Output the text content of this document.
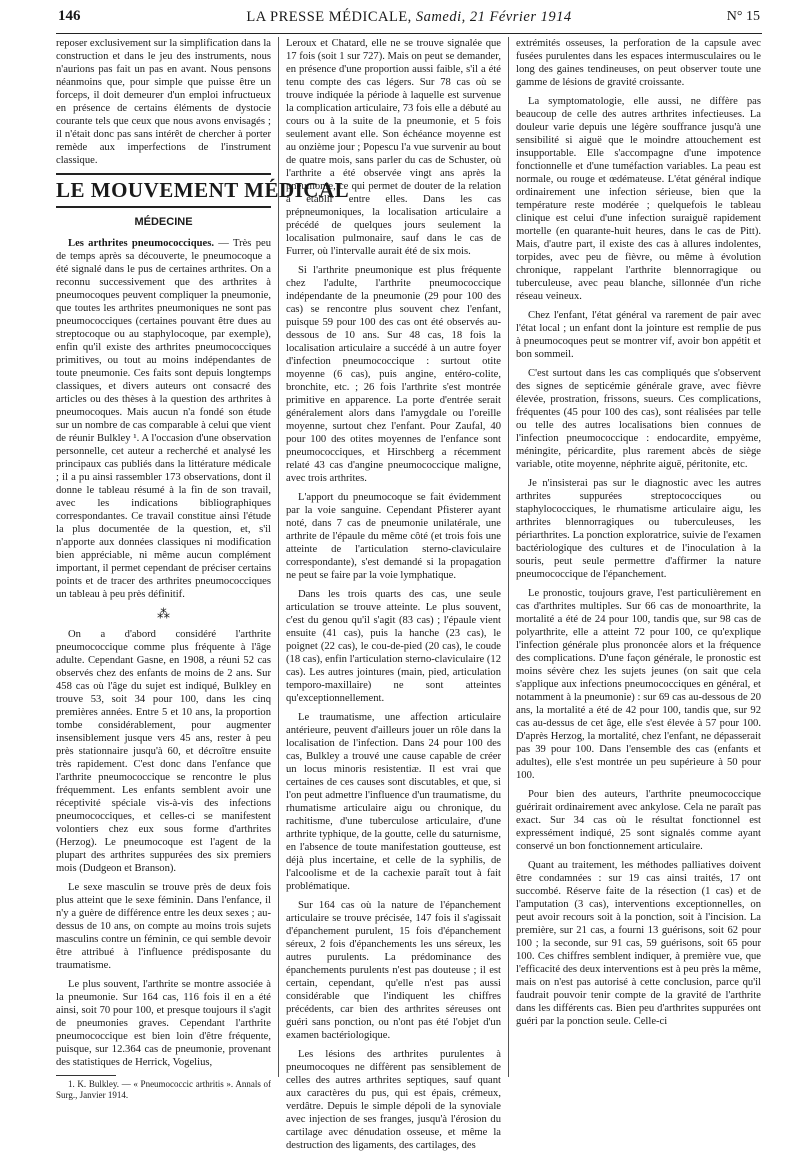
146	LA PRESSE MÉDICALE, Samedi, 21 Février 1914	N° 15

reposer exclusivement sur la simplification dans la construction et dans le jeu des instruments, nous n'aurions pas fait un pas en avant. Nous pensons néanmoins que, pour simple que puisse être un forceps, il doit demeurer d'un emploi infructueux en présence de certains éléments de dystocie courante tels que ceux que nous avons envisagés ; il n'était donc pas sans intérêt de chercher à porter remède aux imperfections de l'instrument classique.

LE MOUVEMENT MÉDICAL
MÉDECINE

Les arthrites pneumococciques. — Très peu de temps après sa découverte, le pneumocoque a été signalé dans le pus de certaines arthrites. On a reconnu successivement que des arthrites à pneumocoques peuvent compliquer la pneumonie, que toutes les arthrites pneumoniques ne sont pas pneumococciques (certaines pouvant être dues au streptocoque ou au staphylocoque, par exemple), enfin qu'il existe des arthrites pneumococciques primitives, ou tout au moins indépendantes de toute pneumonie. Ces faits sont depuis longtemps classiques, et divers auteurs ont consacré des articles ou des thèses à la question des arthrites à pneumocoques. Mais aucun n'a fondé son étude sur un nombre de cas comparable à celui que vient de réunir Bulkley ¹. A l'occasion d'une observation personnelle, cet auteur a recherché et analysé les principaux cas publiés dans la littérature médicale ; il a pu ainsi rassembler 173 observations, dont il donne le tableau résumé à la fin de son travail, avec les indications bibliographiques correspondantes. Ce travail constitue ainsi l'étude la plus documentée de la question, et, s'il n'apporte aux données classiques ni modification bien appréciable, ni même aucun complément important, il permet cependant de préciser certains points et de tracer des arthrites pneumococciques un tableau à peu près définitif.

⁂

On a d'abord considéré l'arthrite pneumococcique comme plus fréquente à l'âge adulte. Cependant Gasne, en 1908, a réuni 52 cas observés chez des enfants de moins de 2 ans. Sur 458 cas où l'âge du sujet est indiqué, Bulkley en trouve 53, soit 34 pour 100, dans les cinq premières années. Entre 5 et 10 ans, la proportion tombe considérablement, pour augmenter insensiblement jusque vers 45 ans, rester à peu près stationnaire jusqu'à 60, et décroître ensuite très rapidement. C'est donc dans l'enfance que l'arthrite pneumococcique se rencontre le plus fréquemment. Les enfants semblent avoir une réceptivité spéciale vis-à-vis des infections pneumococciques, et celles-ci se manifestent volontiers chez eux sous forme d'arthrites (Herzog). Le pneumocoque est l'agent de la plupart des arthrites suppurées des six premiers mois (Dudgeon et Branson).

Le sexe masculin se trouve près de deux fois plus atteint que le sexe féminin. Dans l'enfance, il n'y a guère de différence entre les deux sexes ; au-dessus de 10 ans, on compte au moins trois sujets masculins contre un féminin, ce qui semble devoir être attribué à l'influence prédisposante du traumatisme.

Le plus souvent, l'arthrite se montre associée à la pneumonie. Sur 164 cas, 116 fois il en a été ainsi, soit 70 pour 100, et presque toujours il s'agit de pneumonies graves. Cependant l'arthrite pneumococcique est bien loin d'être fréquente, puisque, sur 12.364 cas de pneumonie, provenant des statistiques de Herrick, Vogelius,

1. K. Bulkley. — « Pneumococcic arthritis ». Annals of Surg., Janvier 1914.

Leroux et Chatard, elle ne se trouve signalée que 17 fois (soit 1 sur 727). Mais on peut se demander, en présence d'une proportion aussi faible, s'il a été tenu compte des cas légers. Sur 78 cas où se trouve indiquée la période à laquelle est survenue la complication articulaire, 73 fois elle a débuté au cours ou à la suite de la pneumonie, et 5 fois seulement avant elle. Son échéance moyenne est au onzième jour ; Popescu l'a vue survenir au bout de quatre mois, sans parler du cas de Schuster, où l'arthrite a été observée vingt ans après la pneumonie, ce qui permet de douter de la relation à établir entre elles. Dans les cas prépneumoniques, la localisation articulaire a précédé de quelques jours seulement la localisation pulmonaire, sauf dans le cas de Furrer, où l'intervalle aurait été de six mois.

Si l'arthrite pneumonique est plus fréquente chez l'adulte, l'arthrite pneumococcique indépendante de la pneumonie (29 pour 100 des cas) se rencontre plus souvent chez l'enfant, puisque 59 pour 100 des cas ont été observés au-dessous de 10 ans. Sur 48 cas, 18 fois la localisation articulaire a succédé à un autre foyer d'infection pneumococcique : surtout otite moyenne (6 cas), puis angine, entéro-colite, bronchite, etc. ; 26 fois l'arthrite s'est montrée primitive en apparence. La porte d'entrée serait généralement alors dans l'amygdale ou l'oreille moyenne, surtout chez l'enfant. Pour Zaufal, 40 pour 100 des otites moyennes de l'enfance sont pneumococciques, et Hirschberg a récemment relaté 43 cas d'angine pneumococcique maligne, avec trois arthrites.

L'apport du pneumocoque se fait évidemment par la voie sanguine. Cependant Pfisterer ayant noté, dans 7 cas de pneumonie unilatérale, une arthrite de l'épaule du même côté (et trois fois une atteinte de l'articulation sterno-claviculaire correspondante), s'est demandé si la propagation ne peut se faire par la voie lymphatique.

Dans les trois quarts des cas, une seule articulation se trouve atteinte. Le plus souvent, c'est du genou qu'il s'agit (83 cas) ; l'épaule vient ensuite (41 cas), puis la hanche (23 cas), le poignet (22 cas), le cou-de-pied (20 cas), le coude (18 cas), enfin l'articulation sterno-claviculaire (12 cas). Les autres jointures (main, pied, articulation temporo-maxillaire) ne sont atteintes qu'exceptionnellement.

Le traumatisme, une affection articulaire antérieure, peuvent d'ailleurs jouer un rôle dans la localisation de l'infection. Dans 24 pour 100 des cas, Bulkley a trouvé une cause capable de créer un locus minoris resistentiæ. Il est vrai que certaines de ces causes sont discutables, et que, si l'on peut admettre l'influence d'un traumatisme, du rhumatisme articulaire aigu ou chronique, du rachitisme, d'une tuberculose articulaire, d'une arthrite typhique, de la goutte, celle du saturnisme, en l'absence de toute manifestation goutteuse, est déjà plus incertaine, et celle de la syphilis, de l'alcoolisme et de la cachexie paraît tout à fait problématique.

Sur 164 cas où la nature de l'épanchement articulaire se trouve précisée, 147 fois il s'agissait d'épanchement purulent, 15 fois d'épanchement séreux, 2 fois d'épanchements les uns séreux, les autres purulents. La prédominance des épanchements purulents n'est pas douteuse ; il est certain, cependant, qu'elle n'est pas aussi considérable que l'indiquent les chiffres précédents, car bien des arthrites séreuses ont guéri sans ponction, ou n'ont pas été l'objet d'un examen bactériologique.

Les lésions des arthrites purulentes à pneumocoques ne diffèrent pas sensiblement de celles des autres arthrites septiques, sauf quant aux caractères du pus, qui est épais, crémeux, verdâtre. Depuis le simple dépoli de la synoviale avec injection de ses franges, jusqu'à l'érosion du cartilage avec dénudation osseuse, et même la destruction des ligaments, des cartilages, des

extrémités osseuses, la perforation de la capsule avec fusées purulentes dans les espaces intermusculaires ou le long des gaines tendineuses, on peut observer toute une gamme de lésions de gravité croissante.

La symptomatologie, elle aussi, ne diffère pas beaucoup de celle des autres arthrites infectieuses. La douleur varie depuis une légère souffrance jusqu'à une sensibilité si aiguë que le moindre attouchement est insupportable. Elle s'accompagne d'une impotence fonctionnelle et d'une tuméfaction variables. La peau est normale, ou rouge et œdémateuse. L'état général indique ordinairement une infection sérieuse, bien que la température reste modérée ; quelquefois le tableau clinique est celui d'une infection suraiguë rapidement mortelle (en quarante-huit heures, dans le cas de Pitt). Mais, d'autre part, il existe des cas à allures indolentes, torpides, avec peu de fièvre, ou même à évolution chronique, rappelant l'arthrite blennorragique ou tuberculeuse, avec peau blanche, sillonnée d'un riche réseau veineux.

Chez l'enfant, l'état général va rarement de pair avec l'état local ; un enfant dont la jointure est remplie de pus à pneumocoques peut se montrer vif, avoir bon appétit et bon sommeil.

C'est surtout dans les cas compliqués que s'observent des signes de septicémie générale grave, avec fièvre élevée, prostration, frissons, sueurs. Ces complications, fréquentes (45 pour 100 des cas), sont réalisées par telle ou telle des autres localisations bien connues de l'infection pneumococcique : endocardite, empyème, méningite, péricardite, plus rarement abcès de siège variable, otite moyenne, néphrite aiguë, péritonite, etc.

Je n'insisterai pas sur le diagnostic avec les autres arthrites suppurées streptococciques ou staphylococciques, le rhumatisme articulaire aigu, les arthrites blennorragiques ou tuberculeuses, les périarthrites. La ponction exploratrice, suivie de l'examen bactériologique des cultures et de l'inoculation à la souris, peut seule permettre d'affirmer la nature pneumococcique de l'épanchement.

Le pronostic, toujours grave, l'est particulièrement en cas d'arthrites multiples. Sur 66 cas de monoarthrite, la mortalité a été de 24 pour 100, tandis que, sur 98 cas de polyarthrite, elle a atteint 72 pour 100, ce qu'explique l'infection générale plus prononcée alors et la fréquence des complications. D'une façon générale, le pronostic est moins sévère chez les sujets jeunes (on sait que cela s'applique aux infections pneumococciques en général, et notamment à la pneumonie) : sur 69 cas au-dessous de 20 ans, la mortalité a été de 42 pour 100, tandis que, sur 92 cas au-dessus de cet âge, elle s'est élevée à 57 pour 100. D'après Herzog, la mortalité, chez l'enfant, ne dépasserait pas 39 pour 100. Dans l'ensemble des cas (enfants et adultes), elle s'est montrée un peu supérieure à 50 pour 100.

Pour bien des auteurs, l'arthrite pneumococcique guérirait ordinairement avec ankylose. Cela ne paraît pas exact. Sur 34 cas où le résultat fonctionnel est expressément indiqué, 25 sont signalés comme ayant conservé un bon fonctionnement articulaire.

Quant au traitement, les méthodes palliatives doivent être condamnées : sur 19 cas ainsi traités, 17 ont succombé. Réserve faite de la résection (1 cas) et de l'amputation (3 cas), interventions exceptionnelles, on peut avoir recours soit à la ponction, soit à l'incision. La première, sur 21 cas, a fourni 13 guérisons, soit 62 pour 100 ; la seconde, sur 91 cas, 59 guérisons, soit 65 pour 100. Ces chiffres semblent indiquer, à première vue, que l'efficacité des deux interventions est à peu près la même, mais on n'est pas autorisé à cette conclusion, parce qu'il faudrait pouvoir tenir compte de la gravité de l'arthrite dans les différents cas. Bien peu d'arthrites suppurées ont guéri par la ponction seule. Celle-ci
